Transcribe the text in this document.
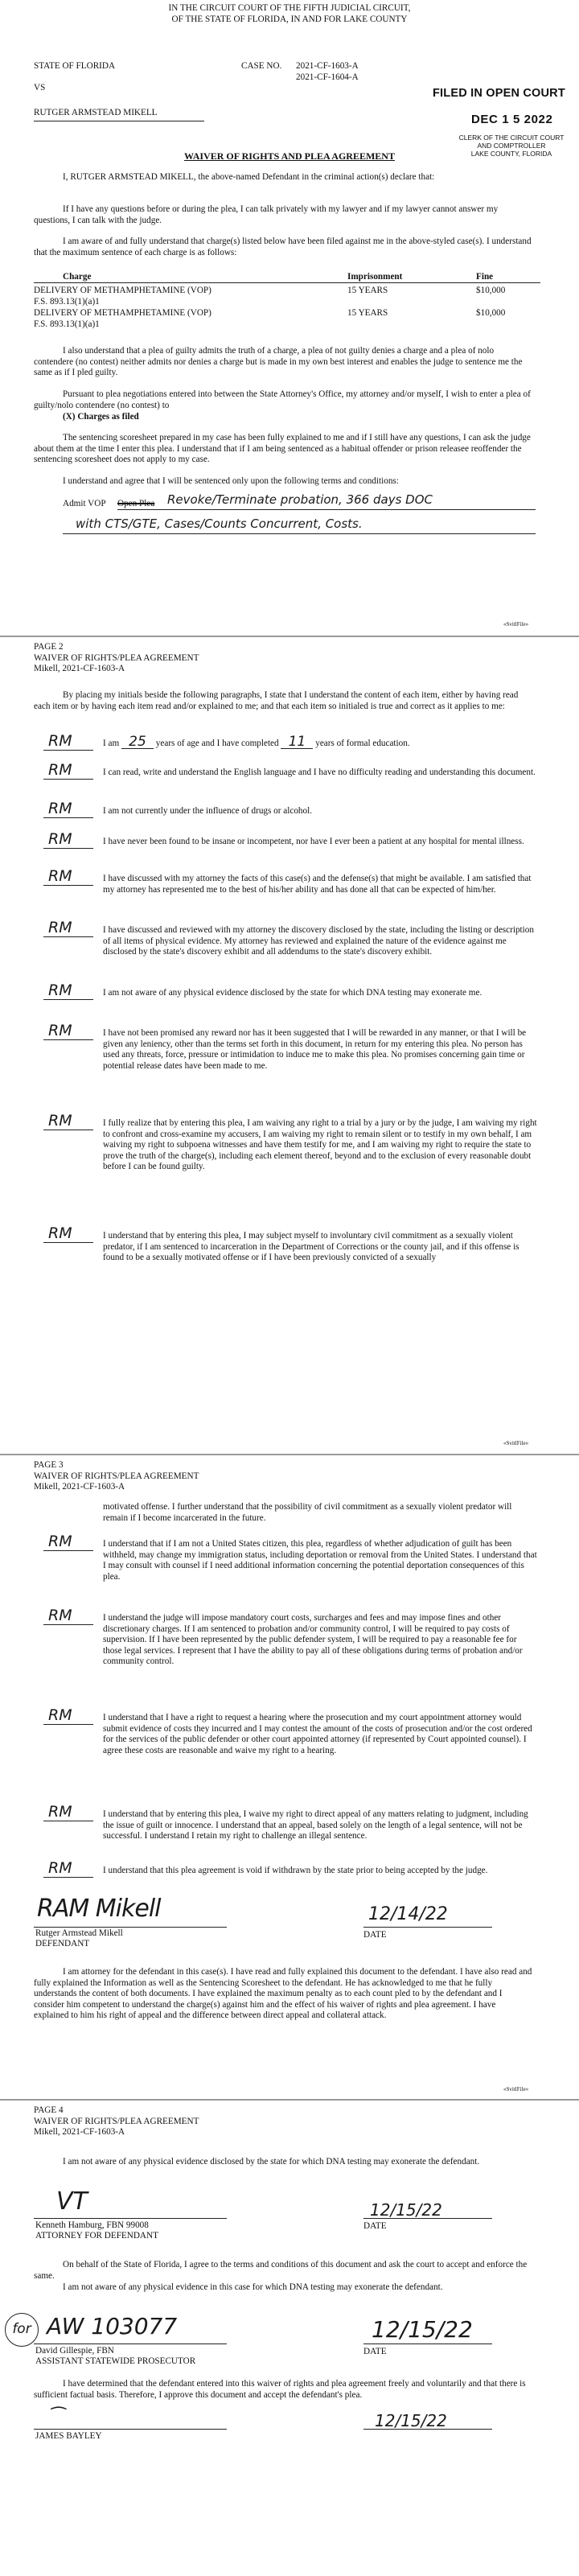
IN THE CIRCUIT COURT OF THE FIFTH JUDICIAL CIRCUIT,
OF THE STATE OF FLORIDA, IN AND FOR LAKE COUNTY
STATE OF FLORIDA
VS
RUTGER ARMSTEAD MIKELL
CASE NO. 2021-CF-1603-A
2021-CF-1604-A
FILED IN OPEN COURT
DEC 1 5 2022
CLERK OF THE CIRCUIT COURT
AND COMPTROLLER
LAKE COUNTY, FLORIDA
WAIVER OF RIGHTS AND PLEA AGREEMENT
I, RUTGER ARMSTEAD MIKELL, the above-named Defendant in the criminal action(s) declare that:
If I have any questions before or during the plea, I can talk privately with my lawyer and if my lawyer cannot answer my questions, I can talk with the judge.
I am aware of and fully understand that charge(s) listed below have been filed against me in the above-styled case(s). I understand that the maximum sentence of each charge is as follows:
Charge	Imprisonment	Fine
DELIVERY OF METHAMPHETAMINE (VOP)
F.S. 893.13(1)(a)1
15 YEARS	$10,000
DELIVERY OF METHAMPHETAMINE (VOP)
F.S. 893.13(1)(a)1
15 YEARS	$10,000
I also understand that a plea of guilty admits the truth of a charge, a plea of not guilty denies a charge and a plea of nolo contendere (no contest) neither admits nor denies a charge but is made in my own best interest and enables the judge to sentence me the same as if I pled guilty.
Pursuant to plea negotiations entered into between the State Attorney's Office, my attorney and/or myself, I wish to enter a plea of guilty/nolo contendere (no contest) to
(X) Charges as filed
The sentencing scoresheet prepared in my case has been fully explained to me and if I still have any questions, I can ask the judge about them at the time I enter this plea. I understand that if I am being sentenced as a habitual offender or prison releasee reoffender the sentencing scoresheet does not apply to my case.
I understand and agree that I will be sentenced only upon the following terms and conditions:
Admit VOP Open Plea Revoke/Terminate probation, 366 days DOC
with CTS/GTE, Cases/Counts Concurrent, Costs.
«SvitlFile»
PAGE 2
WAIVER OF RIGHTS/PLEA AGREEMENT
Mikell, 2021-CF-1603-A
By placing my initials beside the following paragraphs, I state that I understand the content of each item, either by having read each item or by having each item read and/or explained to me; and that each item so initialed is true and correct as it applies to me:
RM	I am 25 years of age and I have completed 11 years of formal education.
RM	I can read, write and understand the English language and I have no difficulty reading and understanding this document.
RM	I am not currently under the influence of drugs or alcohol.
RM	I have never been found to be insane or incompetent, nor have I ever been a patient at any hospital for mental illness.
RM	I have discussed with my attorney the facts of this case(s) and the defense(s) that might be available. I am satisfied that my attorney has represented me to the best of his/her ability and has done all that can be expected of him/her.
RM	I have discussed and reviewed with my attorney the discovery disclosed by the state, including the listing or description of all items of physical evidence. My attorney has reviewed and explained the nature of the evidence against me disclosed by the state's discovery exhibit and all addendums to the state's discovery exhibit.
RM	I am not aware of any physical evidence disclosed by the state for which DNA testing may exonerate me.
RM	I have not been promised any reward nor has it been suggested that I will be rewarded in any manner, or that I will be given any leniency, other than the terms set forth in this document, in return for my entering this plea. No person has used any threats, force, pressure or intimidation to induce me to make this plea. No promises concerning gain time or potential release dates have been made to me.
RM	I fully realize that by entering this plea, I am waiving any right to a trial by a jury or by the judge, I am waiving my right to confront and cross-examine my accusers, I am waiving my right to remain silent or to testify in my own behalf, I am waiving my right to subpoena witnesses and have them testify for me, and I am waiving my right to require the state to prove the truth of the charge(s), including each element thereof, beyond and to the exclusion of every reasonable doubt before I can be found guilty.
RM	I understand that by entering this plea, I may subject myself to involuntary civil commitment as a sexually violent predator, if I am sentenced to incarceration in the Department of Corrections or the county jail, and if this offense is found to be a sexually motivated offense or if I have been previously convicted of a sexually
«SvitlFile»
PAGE 3
WAIVER OF RIGHTS/PLEA AGREEMENT
Mikell, 2021-CF-1603-A
motivated offense. I further understand that the possibility of civil commitment as a sexually violent predator will remain if I become incarcerated in the future.
RM	I understand that if I am not a United States citizen, this plea, regardless of whether adjudication of guilt has been withheld, may change my immigration status, including deportation or removal from the United States. I understand that I may consult with counsel if I need additional information concerning the potential deportation consequences of this plea.
RM	I understand the judge will impose mandatory court costs, surcharges and fees and may impose fines and other discretionary charges. If I am sentenced to probation and/or community control, I will be required to pay costs of supervision. If I have been represented by the public defender system, I will be required to pay a reasonable fee for those legal services. I represent that I have the ability to pay all of these obligations during terms of probation and/or community control.
RM	I understand that I have a right to request a hearing where the prosecution and my court appointment attorney would submit evidence of costs they incurred and I may contest the amount of the costs of prosecution and/or the cost ordered for the services of the public defender or other court appointed attorney (if represented by Court appointed counsel). I agree these costs are reasonable and waive my right to a hearing.
RM	I understand that by entering this plea, I waive my right to direct appeal of any matters relating to judgment, including the issue of guilt or innocence. I understand that an appeal, based solely on the length of a legal sentence, will not be successful. I understand I retain my right to challenge an illegal sentence.
RM	I understand that this plea agreement is void if withdrawn by the state prior to being accepted by the judge.
RAM Mikell
Rutger Armstead Mikell
DEFENDANT
12/14/22
DATE
I am attorney for the defendant in this case(s). I have read and fully explained this document to the defendant. I have also read and fully explained the Information as well as the Sentencing Scoresheet to the defendant. He has acknowledged to me that he fully understands the content of both documents. I have explained the maximum penalty as to each count pled to by the defendant and I consider him competent to understand the charge(s) against him and the effect of his waiver of rights and plea agreement. I have explained to him his right of appeal and the difference between direct appeal and collateral attack.
«SvitlFile»
PAGE 4
WAIVER OF RIGHTS/PLEA AGREEMENT
Mikell, 2021-CF-1603-A
I am not aware of any physical evidence disclosed by the state for which DNA testing may exonerate the defendant.
VT
Kenneth Hamburg, FBN 99008
ATTORNEY FOR DEFENDANT
12/15/22
DATE
On behalf of the State of Florida, I agree to the terms and conditions of this document and ask the court to accept and enforce the same.
I am not aware of any physical evidence in this case for which DNA testing may exonerate the defendant.
for AW 103077
David Gillespie, FBN
ASSISTANT STATEWIDE PROSECUTOR
12/15/22
DATE
I have determined that the defendant entered into this waiver of rights and plea agreement freely and voluntarily and that there is sufficient factual basis. Therefore, I approve this document and accept the defendant's plea.
⁀
JAMES BAYLEY
12/15/22
